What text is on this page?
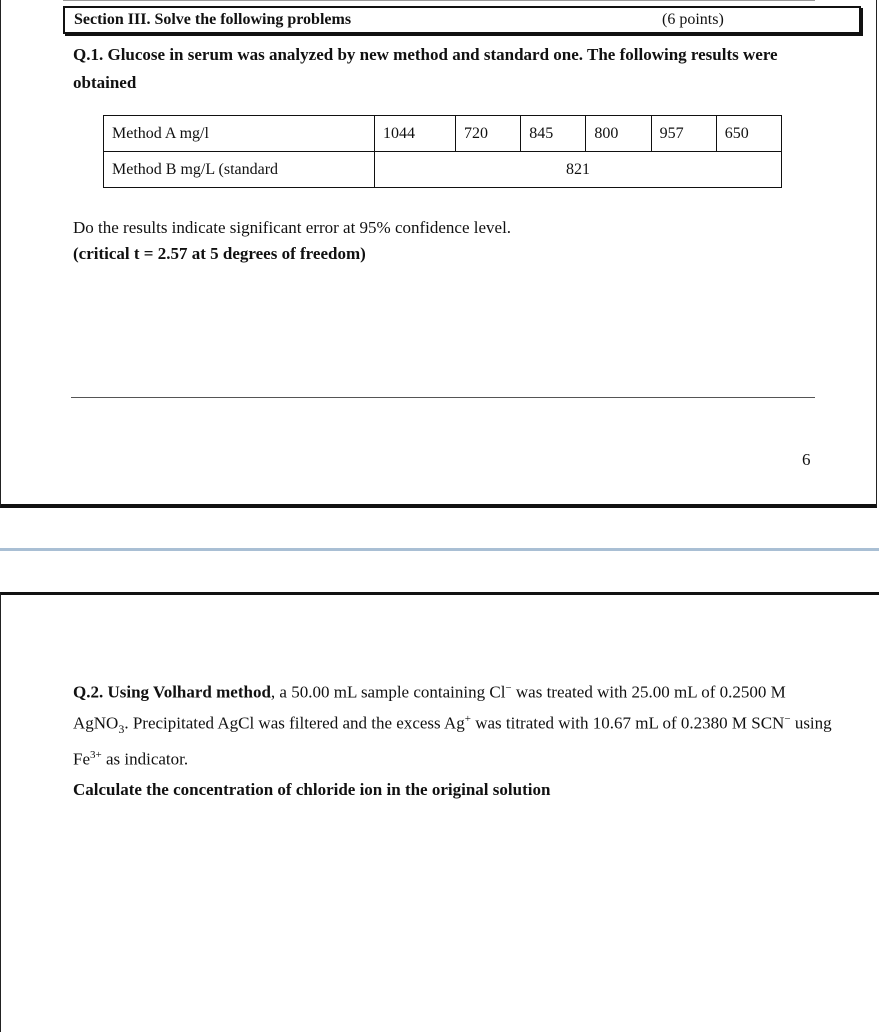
Section III. Solve the following problems	(6 points)
Q.1. Glucose in serum was analyzed by new method and standard one. The following results were obtained
Method A mg/l	1044	720	845	800	957	650
Method B mg/L (standard	821					
Do the results indicate significant error at 95% confidence level.
(critical t = 2.57 at 5 degrees of freedom)
6
Q.2. Using Volhard method, a 50.00 mL sample containing Cl− was treated with 25.00 mL of 0.2500 M AgNO$_3$. Precipitated AgCl was filtered and the excess Ag+ was titrated with 10.67 mL of 0.2380 M SCN− using $Fe^{3+}$ as indicator.
Calculate the concentration of chloride ion in the original solution
